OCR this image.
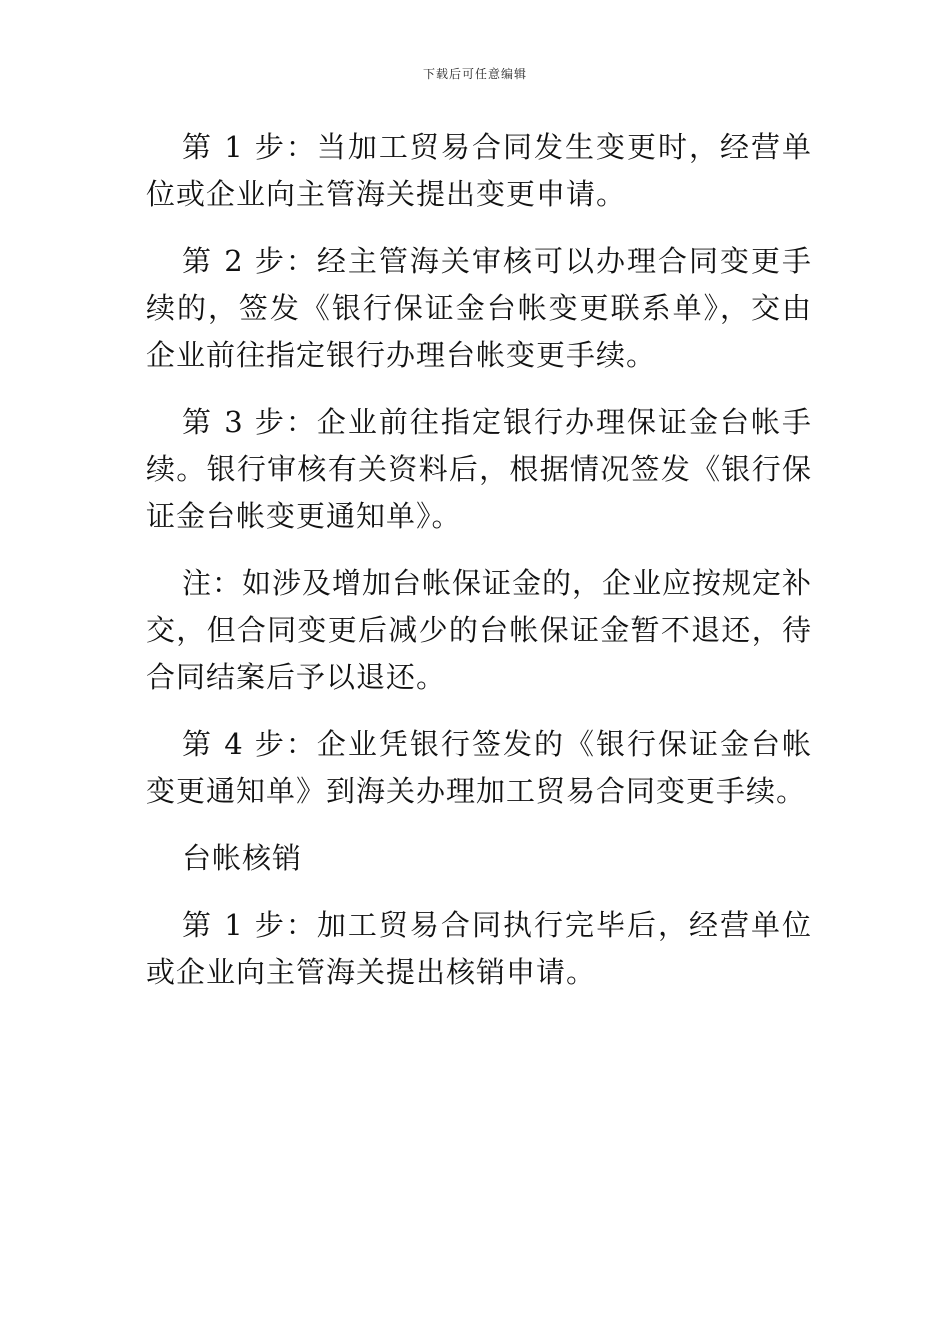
下载后可任意编辑

第 1 步：当加工贸易合同发生变更时，经营单位或企业向主管海关提出变更申请。

第 2 步：经主管海关审核可以办理合同变更手续的，签发《银行保证金台帐变更联系单》，交由企业前往指定银行办理台帐变更手续。

第 3 步：企业前往指定银行办理保证金台帐手续。银行审核有关资料后，根据情况签发《银行保证金台帐变更通知单》。

注：如涉及增加台帐保证金的，企业应按规定补交，但合同变更后减少的台帐保证金暂不退还，待合同结案后予以退还。

第 4 步：企业凭银行签发的《银行保证金台帐变更通知单》到海关办理加工贸易合同变更手续。

台帐核销

第 1 步：加工贸易合同执行完毕后，经营单位或企业向主管海关提出核销申请。
